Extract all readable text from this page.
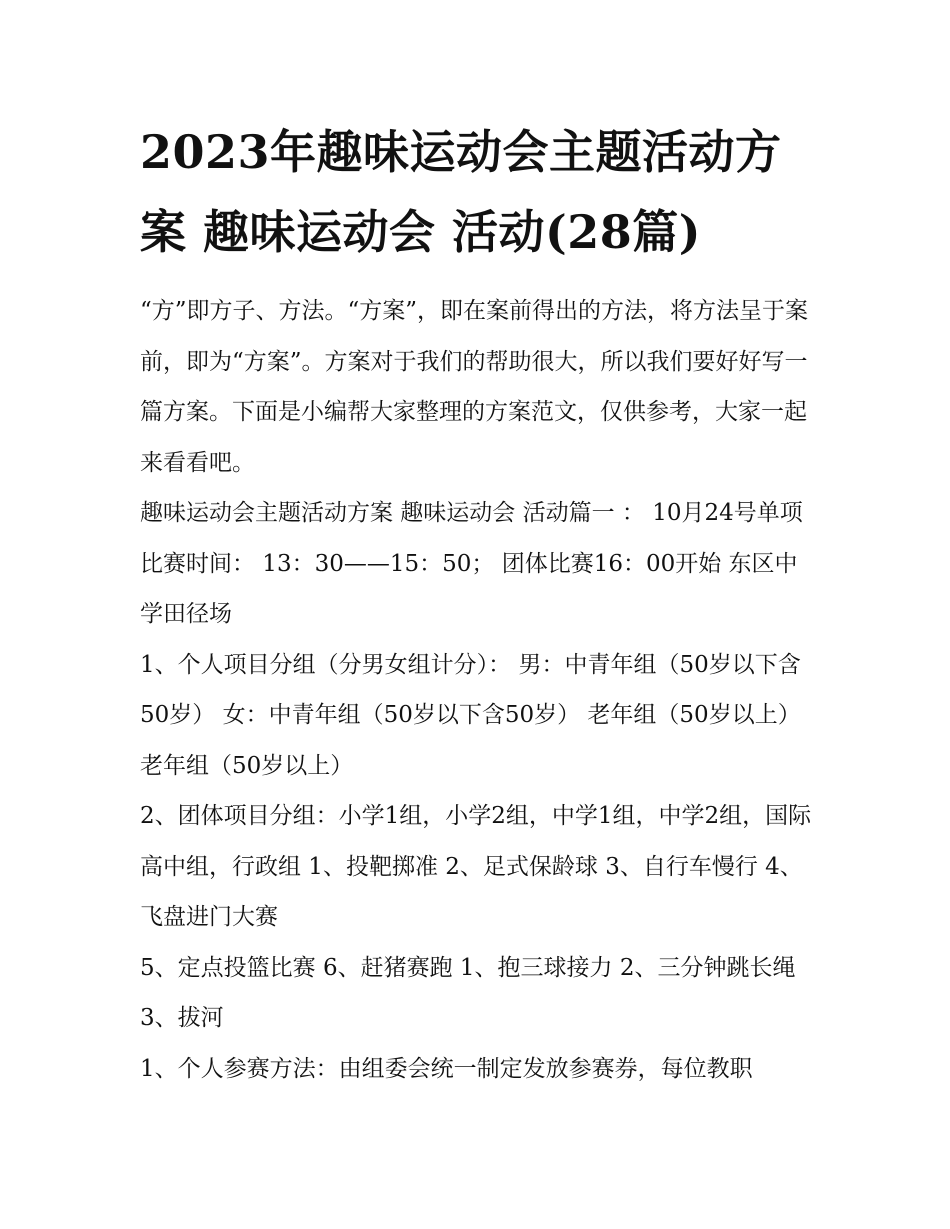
2023年趣味运动会主题活动方案 趣味运动会 活动(28篇)

“方”即方子、方法。“方案”，即在案前得出的方法，将方法呈于案前，即为“方案”。方案对于我们的帮助很大，所以我们要好好写一篇方案。下面是小编帮大家整理的方案范文，仅供参考，大家一起来看看吧。

趣味运动会主题活动方案 趣味运动会 活动篇一 ： 10月24号单项比赛时间： 13：30——15：50； 团体比赛16：00开始 东区中学田径场

1、个人项目分组（分男女组计分）： 男：中青年组（50岁以下含50岁） 女：中青年组（50岁以下含50岁） 老年组（50岁以上）老年组（50岁以上）

2、团体项目分组：小学1组，小学2组，中学1组，中学2组，国际高中组，行政组 1、投靶掷准 2、足式保龄球 3、自行车慢行 4、飞盘进门大赛

5、定点投篮比赛 6、赶猪赛跑 1、抱三球接力 2、三分钟跳长绳 3、拔河

1、个人参赛方法：由组委会统一制定发放参赛券，每位教职
